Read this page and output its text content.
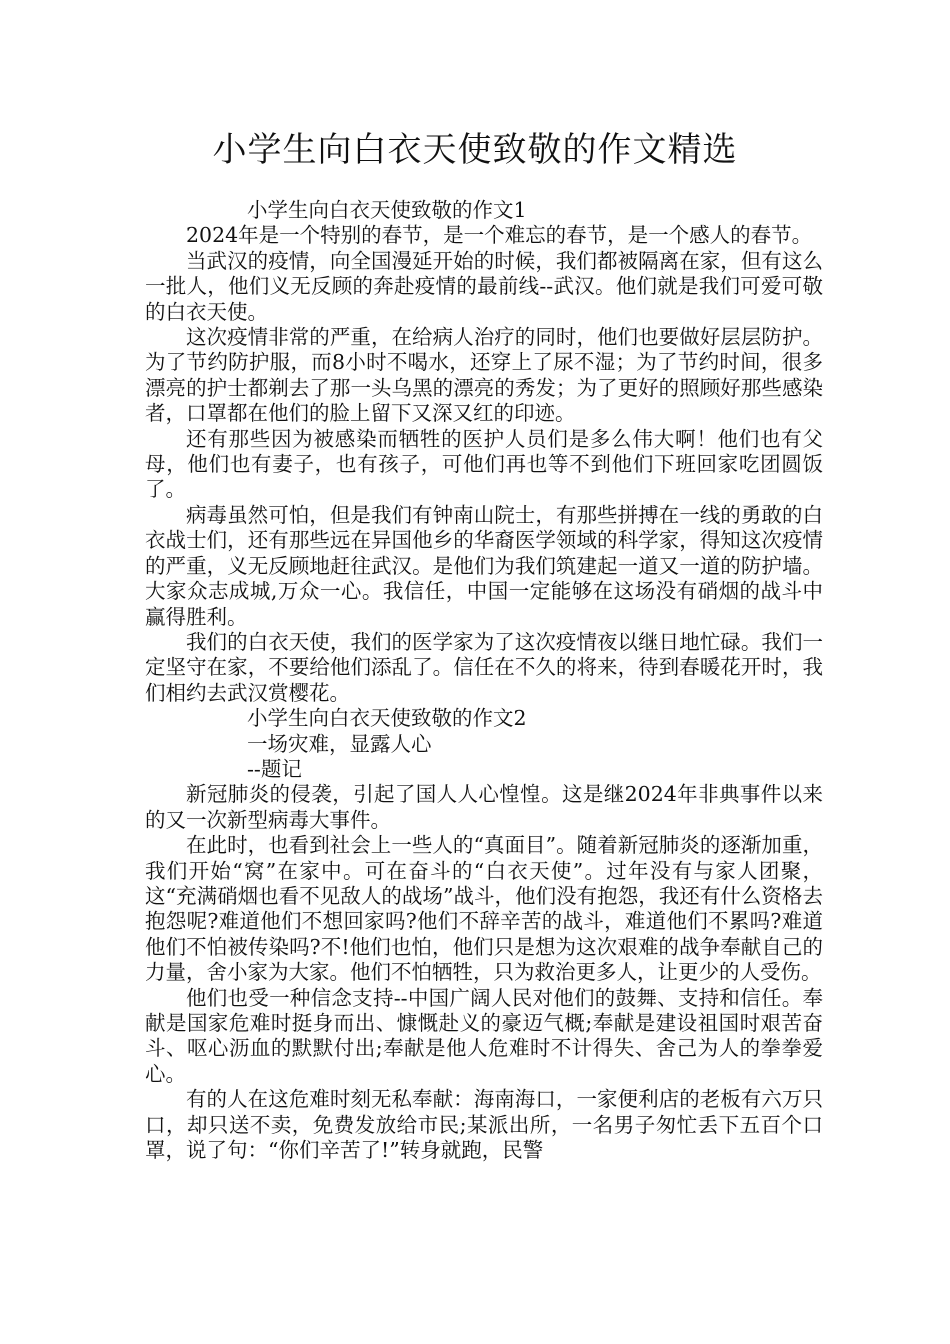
小学生向白衣天使致敬的作文精选

小学生向白衣天使致敬的作文1

2024年是一个特别的春节，是一个难忘的春节，是一个感人的春节。

当武汉的疫情，向全国漫延开始的时候，我们都被隔离在家，但有这么一批人，他们义无反顾的奔赴疫情的最前线--武汉。他们就是我们可爱可敬的白衣天使。

这次疫情非常的严重，在给病人治疗的同时，他们也要做好层层防护。为了节约防护服，而8小时不喝水，还穿上了尿不湿；为了节约时间，很多漂亮的护士都剃去了那一头乌黑的漂亮的秀发；为了更好的照顾好那些感染者，口罩都在他们的脸上留下又深又红的印迹。

还有那些因为被感染而牺牲的医护人员们是多么伟大啊！他们也有父母，他们也有妻子，也有孩子，可他们再也等不到他们下班回家吃团圆饭了。

病毒虽然可怕，但是我们有钟南山院士，有那些拼搏在一线的勇敢的白衣战士们，还有那些远在异国他乡的华裔医学领域的科学家，得知这次疫情的严重，义无反顾地赶往武汉。是他们为我们筑建起一道又一道的防护墙。大家众志成城,万众一心。我信任，中国一定能够在这场没有硝烟的战斗中赢得胜利。

我们的白衣天使，我们的医学家为了这次疫情夜以继日地忙碌。我们一定坚守在家，不要给他们添乱了。信任在不久的将来，待到春暖花开时，我们相约去武汉赏樱花。

小学生向白衣天使致敬的作文2

一场灾难，显露人心

--题记

新冠肺炎的侵袭，引起了国人人心惶惶。这是继2024年非典事件以来的又一次新型病毒大事件。

在此时，也看到社会上一些人的“真面目”。随着新冠肺炎的逐渐加重，我们开始“窝”在家中。可在奋斗的“白衣天使”。过年没有与家人团聚，这“充满硝烟也看不见敌人的战场”战斗，他们没有抱怨，我还有什么资格去抱怨呢?难道他们不想回家吗?他们不辞辛苦的战斗，难道他们不累吗?难道他们不怕被传染吗?不!他们也怕，他们只是想为这次艰难的战争奉献自己的力量，舍小家为大家。他们不怕牺牲，只为救治更多人，让更少的人受伤。

他们也受一种信念支持--中国广阔人民对他们的鼓舞、支持和信任。奉献是国家危难时挺身而出、慷慨赴义的豪迈气概;奉献是建设祖国时艰苦奋斗、呕心沥血的默默付出;奉献是他人危难时不计得失、舍己为人的拳拳爱心。

有的人在这危难时刻无私奉献：海南海口，一家便利店的老板有六万只口，却只送不卖，免费发放给市民;某派出所，一名男子匆忙丢下五百个口罩，说了句：“你们辛苦了!”转身就跑，民警
